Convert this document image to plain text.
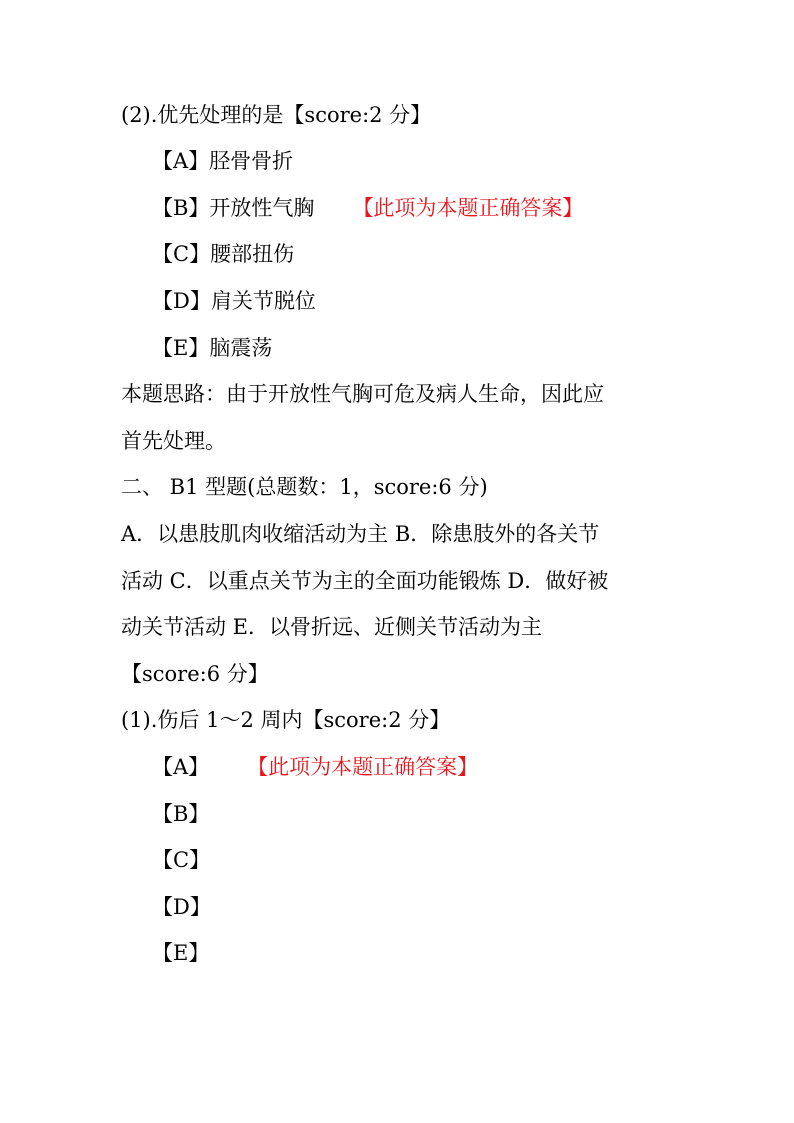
(2).优先处理的是【score:2 分】
【A】胫骨骨折
【B】开放性气胸 【此项为本题正确答案】
【C】腰部扭伤
【D】肩关节脱位
【E】脑震荡
本题思路：由于开放性气胸可危及病人生命，因此应
首先处理。
二、 B1 型题(总题数：1，score:6 分)
A．以患肢肌肉收缩活动为主 B．除患肢外的各关节
活动 C．以重点关节为主的全面功能锻炼 D．做好被
动关节活动 E．以骨折远、近侧关节活动为主
【score:6 分】
(1).伤后 1～2 周内【score:2 分】
【A】 【此项为本题正确答案】
【B】
【C】
【D】
【E】
